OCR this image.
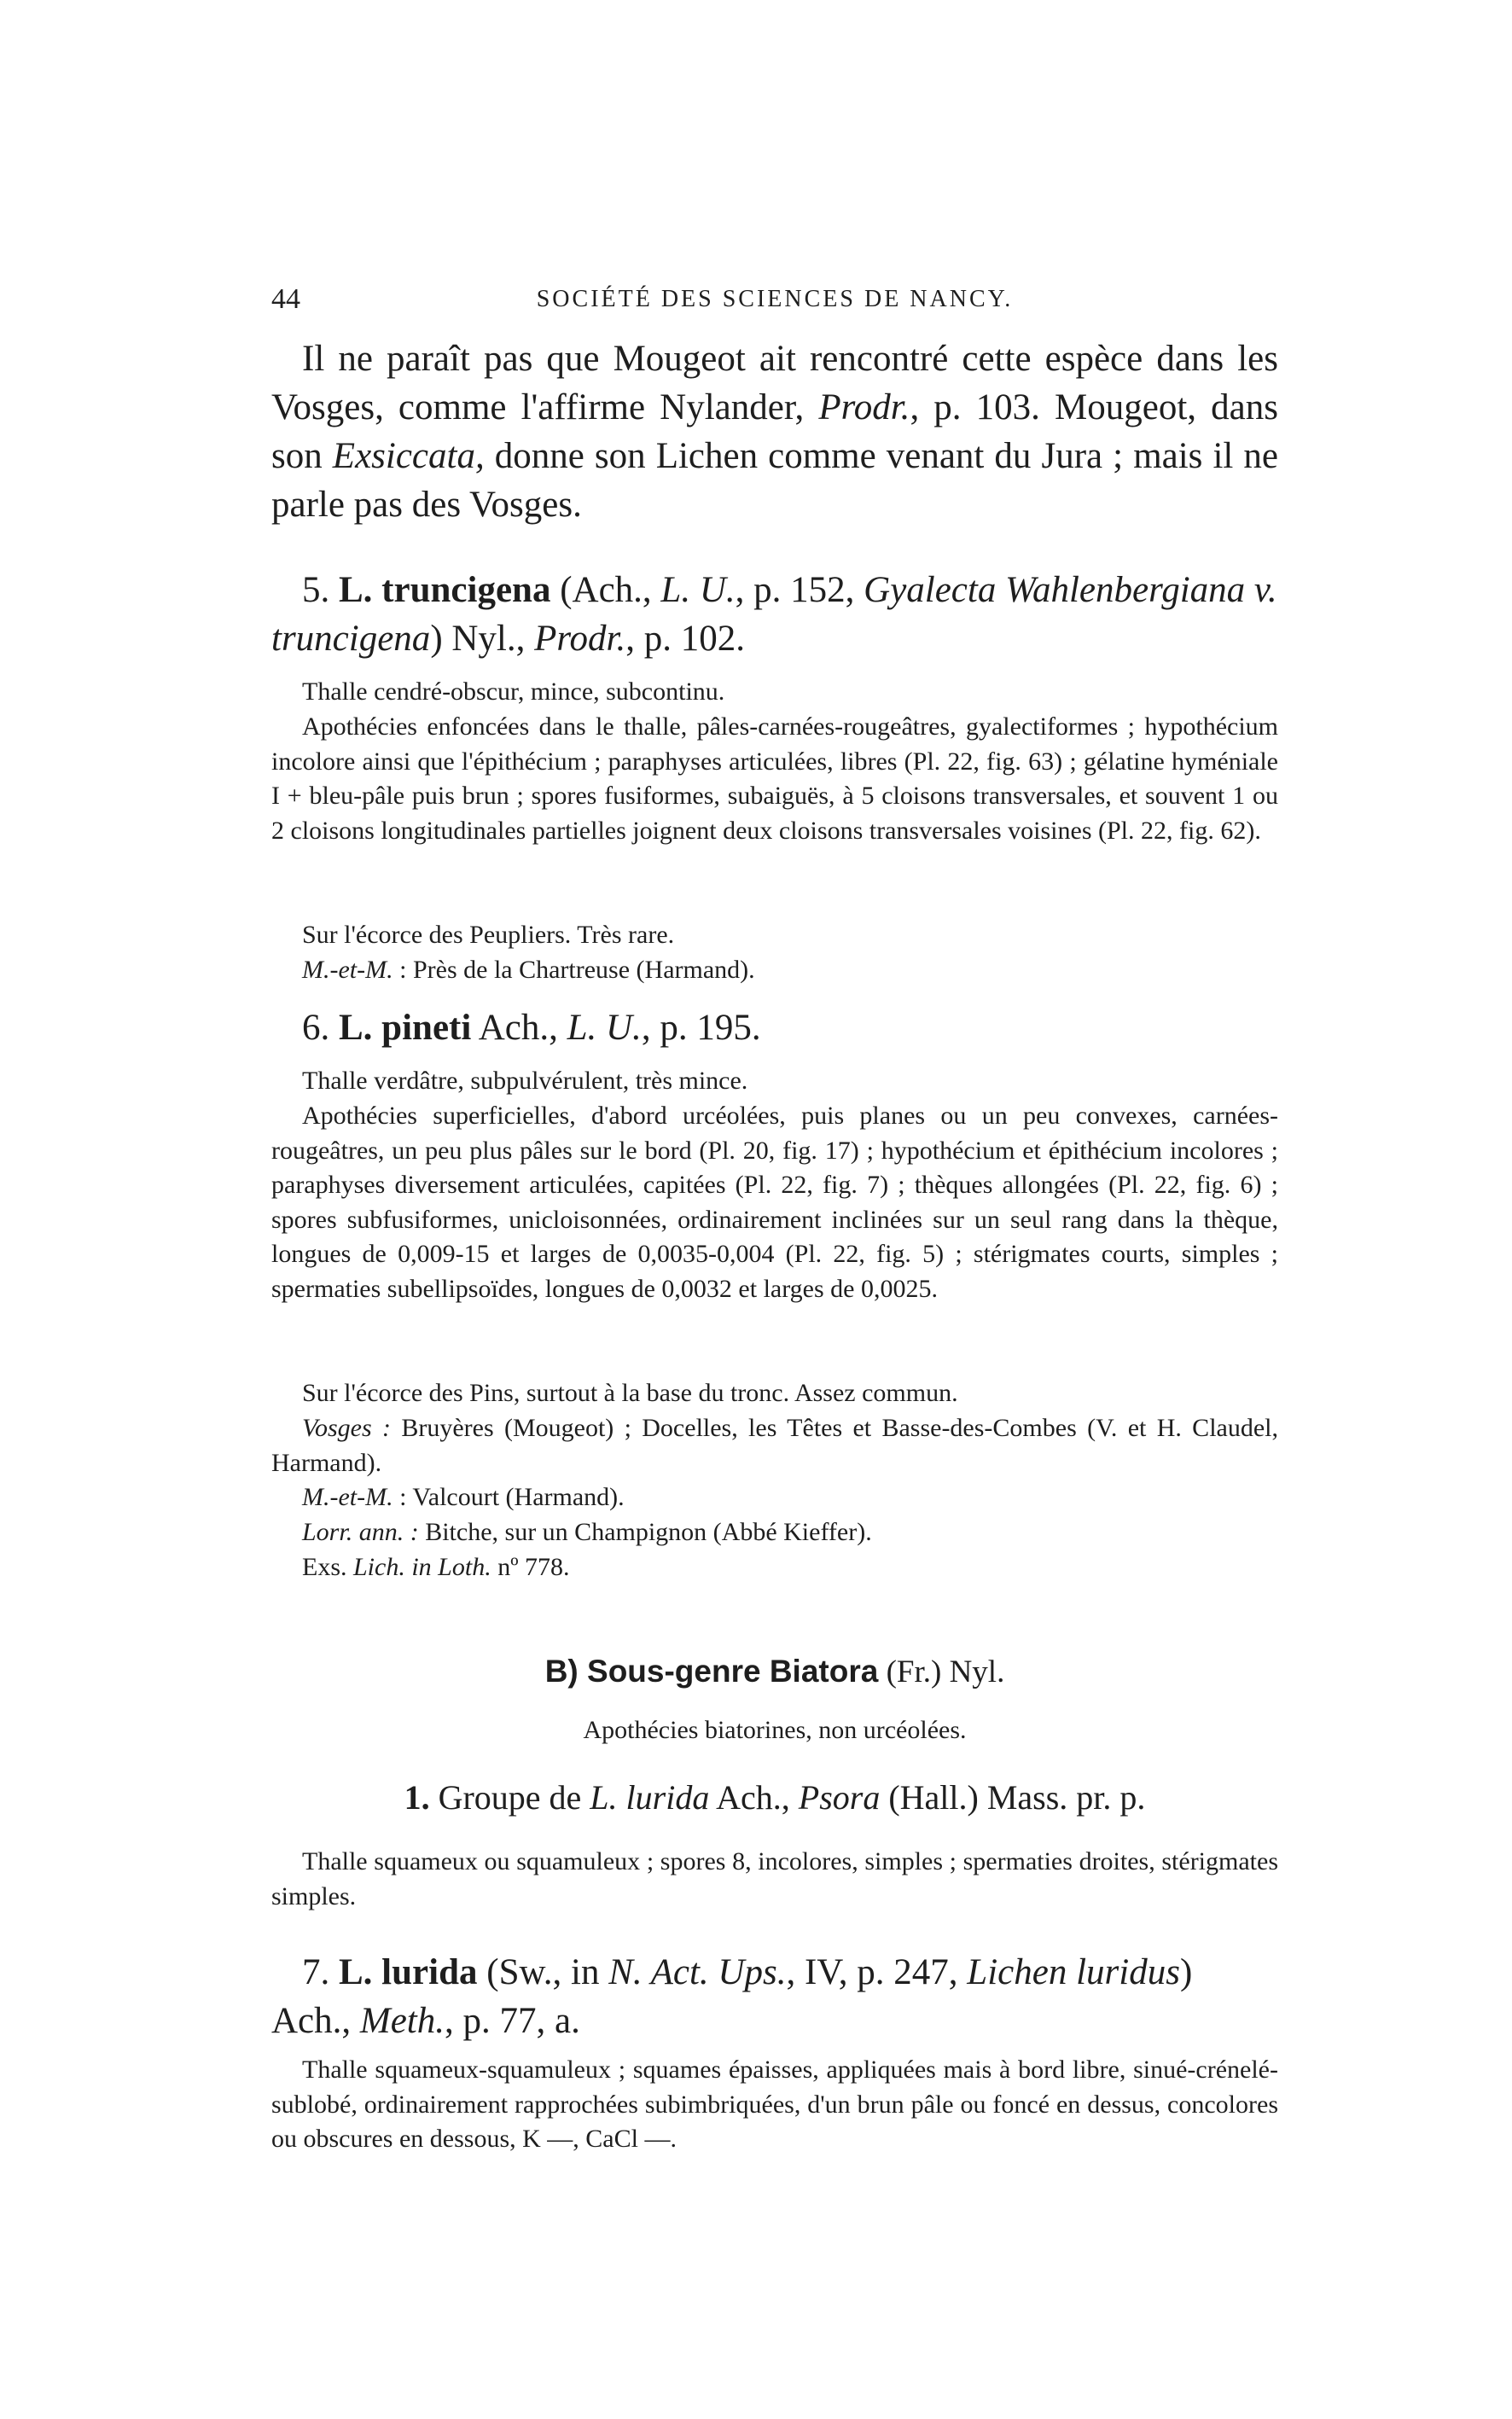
44	SOCIÉTÉ DES SCIENCES DE NANCY.

Il ne paraît pas que Mougeot ait rencontré cette espèce dans les Vosges, comme l'affirme Nylander, Prodr., p. 103. Mougeot, dans son Exsiccata, donne son Lichen comme venant du Jura ; mais il ne parle pas des Vosges.

5. L. truncigena (Ach., L. U., p. 152, Gyalecta Wahlenbergiana v. truncigena) Nyl., Prodr., p. 102.

Thalle cendré-obscur, mince, subcontinu.

Apothécies enfoncées dans le thalle, pâles-carnées-rougeâtres, gyalectiformes ; hypothécium incolore ainsi que l'épithécium ; paraphyses articulées, libres (Pl. 22, fig. 63) ; gélatine hyméniale I + bleu-pâle puis brun ; spores fusiformes, subaiguës, à 5 cloisons transversales, et souvent 1 ou 2 cloisons longitudinales partielles joignent deux cloisons transversales voisines (Pl. 22, fig. 62).

Sur l'écorce des Peupliers. Très rare.

M.-et-M. : Près de la Chartreuse (Harmand).

6. L. pineti Ach., L. U., p. 195.

Thalle verdâtre, subpulvérulent, très mince.

Apothécies superficielles, d'abord urcéolées, puis planes ou un peu convexes, carnées-rougeâtres, un peu plus pâles sur le bord (Pl. 20, fig. 17) ; hypothécium et épithécium incolores ; paraphyses diversement articulées, capitées (Pl. 22, fig. 7) ; thèques allongées (Pl. 22, fig. 6) ; spores subfusiformes, unicloisonnées, ordinairement inclinées sur un seul rang dans la thèque, longues de 0,009-15 et larges de 0,0035-0,004 (Pl. 22, fig. 5) ; stérigmates courts, simples ; spermaties subellipsoïdes, longues de 0,0032 et larges de 0,0025.

Sur l'écorce des Pins, surtout à la base du tronc. Assez commun.

Vosges : Bruyères (Mougeot) ; Docelles, les Têtes et Basse-des-Combes (V. et H. Claudel, Harmand).

M.-et-M. : Valcourt (Harmand).

Lorr. ann. : Bitche, sur un Champignon (Abbé Kieffer).

Exs. Lich. in Loth. nº 778.

B) Sous-genre Biatora (Fr.) Nyl.

Apothécies biatorines, non urcéolées.

1. Groupe de L. lurida Ach., Psora (Hall.) Mass. pr. p.

Thalle squameux ou squamuleux ; spores 8, incolores, simples ; spermaties droites, stérigmates simples.

7. L. lurida (Sw., in N. Act. Ups., IV, p. 247, Lichen luridus) Ach., Meth., p. 77, a.

Thalle squameux-squamuleux ; squames épaisses, appliquées mais à bord libre, sinué-crénelé-sublobé, ordinairement rapprochées subimbriquées, d'un brun pâle ou foncé en dessus, concolores ou obscures en dessous, K —, CaCl —.
